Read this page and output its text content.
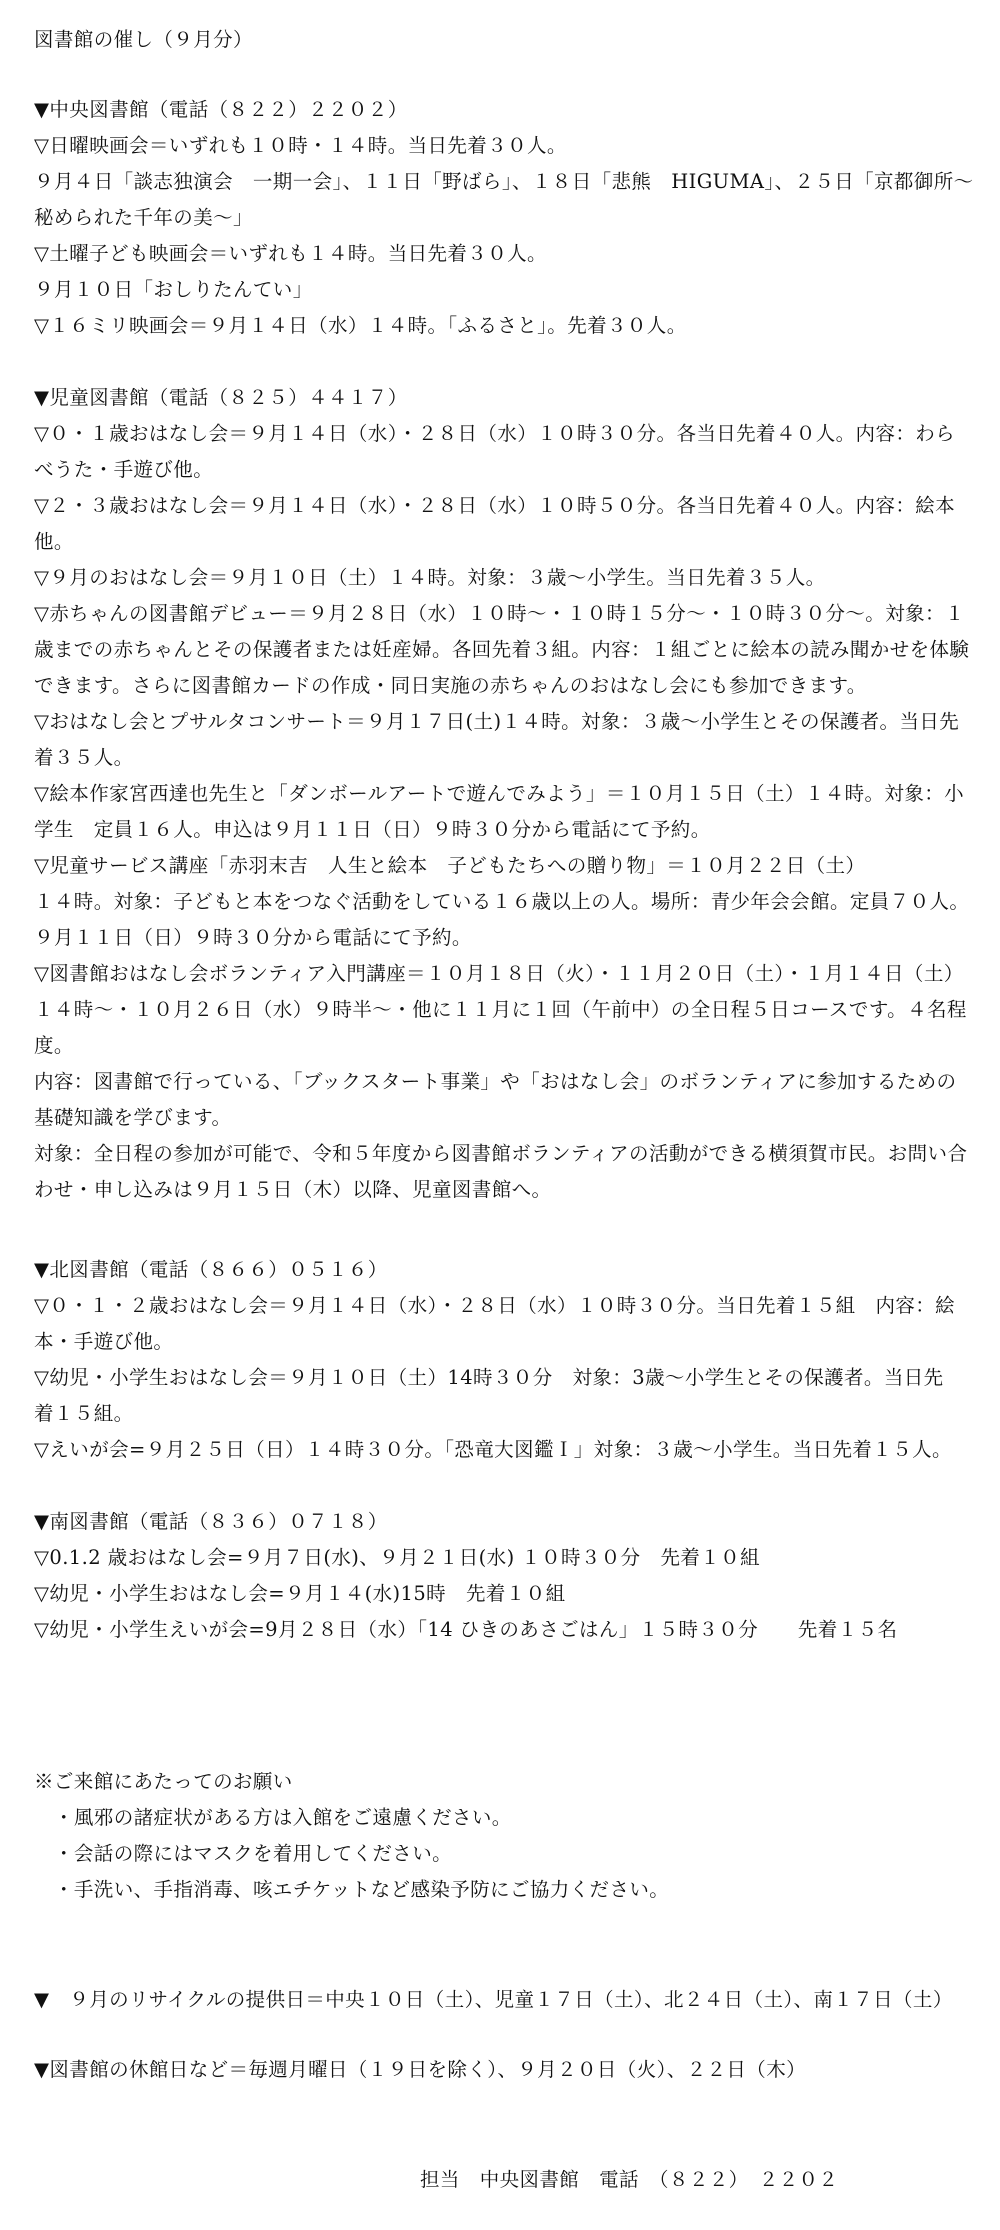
図書館の催し（９月分）
▼中央図書館（電話（８２２）２２０２）
▽日曜映画会＝いずれも１０時・１４時。当日先着３０人。
９月４日「談志独演会　一期一会」、１１日「野ばら」、１８日「悲熊　HIGUMA」、２５日「京都御所～
秘められた千年の美～」
▽土曜子ども映画会＝いずれも１４時。当日先着３０人。
９月１０日「おしりたんてい」
▽１６ミリ映画会＝９月１４日（水）１４時。「ふるさと」。先着３０人。
▼児童図書館（電話（８２５）４４１７）
▽０・１歳おはなし会＝９月１４日（水）・２８日（水）１０時３０分。各当日先着４０人。内容：わら
べうた・手遊び他。
▽２・３歳おはなし会＝９月１４日（水）・２８日（水）１０時５０分。各当日先着４０人。内容：絵本
他。
▽９月のおはなし会＝９月１０日（土）１４時。対象：３歳～小学生。当日先着３５人。
▽赤ちゃんの図書館デビュー＝９月２８日（水）１０時～・１０時１５分～・１０時３０分～。対象：１
歳までの赤ちゃんとその保護者または妊産婦。各回先着３組。内容：１組ごとに絵本の読み聞かせを体験
できます。さらに図書館カードの作成・同日実施の赤ちゃんのおはなし会にも参加できます。
▽おはなし会とプサルタコンサート＝９月１７日(土)１４時。対象：３歳～小学生とその保護者。当日先
着３５人。
▽絵本作家宮西達也先生と「ダンボールアートで遊んでみよう」＝１０月１５日（土）１４時。対象：小
学生　定員１６人。申込は９月１１日（日）９時３０分から電話にて予約。
▽児童サービス講座「赤羽末吉　人生と絵本　子どもたちへの贈り物」＝１０月２２日（土）
１４時。対象：子どもと本をつなぐ活動をしている１６歳以上の人。場所：青少年会会館。定員７０人。
９月１１日（日）９時３０分から電話にて予約。
▽図書館おはなし会ボランティア入門講座＝１０月１８日（火）・１１月２０日（土）・１月１４日（土）
１４時～・１０月２６日（水）９時半～・他に１１月に１回（午前中）の全日程５日コースです。４名程
度。
内容：図書館で行っている、「ブックスタート事業」や「おはなし会」のボランティアに参加するための
基礎知識を学びます。
対象：全日程の参加が可能で、令和５年度から図書館ボランティアの活動ができる横須賀市民。お問い合
わせ・申し込みは９月１５日（木）以降、児童図書館へ。
▼北図書館（電話（８６６）０５１６）
▽０・１・２歳おはなし会＝９月１４日（水）・２８日（水）１０時３０分。当日先着１５組　内容：絵
本・手遊び他。
▽幼児・小学生おはなし会＝９月１０日（土）14時３０分　対象：3歳～小学生とその保護者。当日先
着１５組。
▽えいが会=９月２５日（日）１４時３０分。「恐竜大図鑑Ｉ」対象：３歳～小学生。当日先着１５人。
▼南図書館（電話（８３６）０７１８）
▽0.1.2 歳おはなし会=９月７日(水)、９月２１日(水) １０時３０分　先着１０組
▽幼児・小学生おはなし会=９月１４(水)15時　先着１０組
▽幼児・小学生えいが会=9月２８日（水）「14 ひきのあさごはん」１５時３０分　　先着１５名
※ご来館にあたってのお願い
・風邪の諸症状がある方は入館をご遠慮ください。
・会話の際にはマスクを着用してください。
・手洗い、手指消毒、咳エチケットなど感染予防にご協力ください。
▼　９月のリサイクルの提供日＝中央１０日（土）、児童１７日（土）、北２４日（土）、南１７日（土）
▼図書館の休館日など＝毎週月曜日（１９日を除く）、９月２０日（火）、２２日（木）
担当　中央図書館　電話　（８２２）　２２０２
